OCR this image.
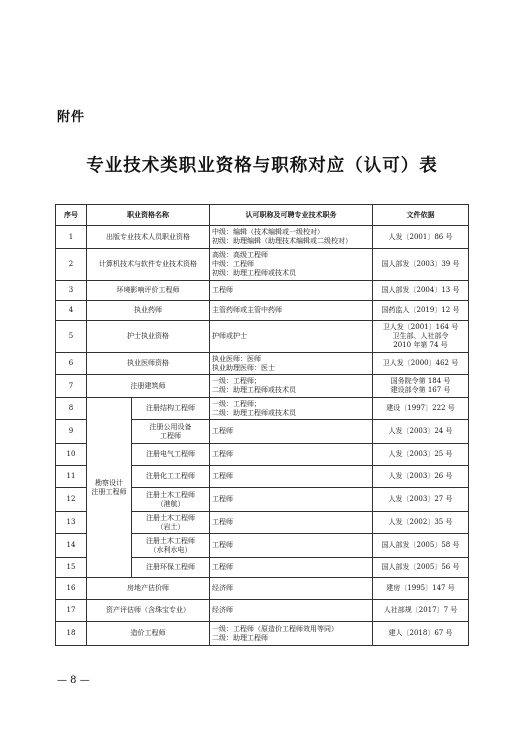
附件
专业技术类职业资格与职称对应（认可）表
序号	职业资格名称		认可职称及可聘专业技术职务	文件依据
1	出版专业技术人员职业资格		中级：编辑（技术编辑或一级校对）
初级：助理编辑（助理技术编辑或二级校对）	人发〔2001〕86 号

2	计算机技术与软件专业技术资格		高级：高级工程师
中级：工程师
初级：助理工程师或技术员	国人部发〔2003〕39 号

3	环境影响评价工程师		工程师	国人部发〔2004〕13 号

4	执业药师		主管药师或主管中药师	国药监人〔2019〕12 号

5	护士执业资格		护师或护士	卫人发〔2001〕164 号
卫生部、人社部令
2010 年第 74 号

6	执业医师资格		执业医师：医师
执业助理医师：医士	卫人发〔2000〕462 号

7	注册建筑师		一级：工程师；
二级：助理工程师或技术员	国务院令第 184 号
建设部令第 167 号

8	勘察设计
注册工程师	注册结构工程师	一级：工程师；
二级：助理工程师或技术员	建设〔1997〕222 号

9		注册公用设备
工程师	工程师	人发〔2003〕24 号

10		注册电气工程师	工程师	人发〔2003〕25 号

11		注册化工工程师	工程师	人发〔2003〕26 号

12		注册土木工程师
（港航）	工程师	人发〔2003〕27 号

13		注册土木工程师
（岩土）	工程师	人发〔2002〕35 号

14		注册土木工程师
（水利水电）	工程师	国人部发〔2005〕58 号

15		注册环保工程师	工程师	国人部发〔2005〕56 号

16	房地产估价师		经济师	建房〔1995〕147 号

17	资产评估师（含珠宝专业）		经济师	人社部规〔2017〕7 号

18	造价工程师		一级：工程师（原造价工程师效用等同）
二级：助理工程师	建人〔2018〕67 号
— 8 —
